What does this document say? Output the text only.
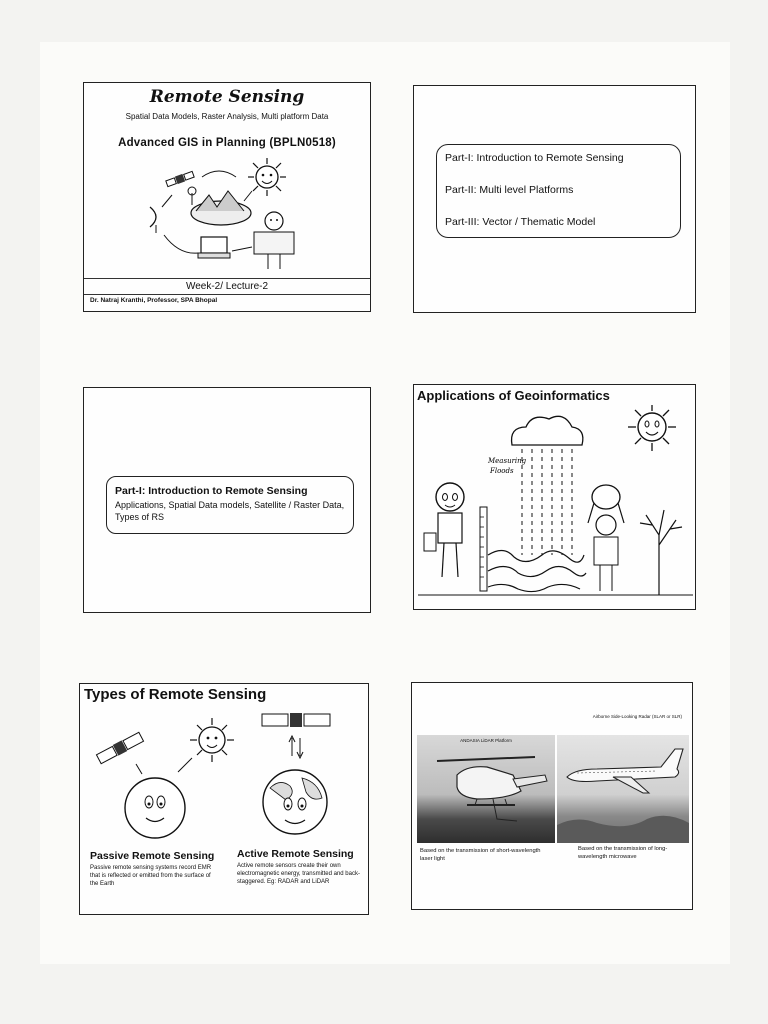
Remote Sensing
Spatial Data Models, Raster Analysis, Multi platform Data
Advanced GIS in Planning (BPLN0518)
Week-2/ Lecture-2
Dr. Natraj Kranthi, Professor, SPA Bhopal
Part-I: Introduction to Remote Sensing
Part-II: Multi level Platforms
Part-III: Vector / Thematic Model
Part-I: Introduction to Remote Sensing
Applications, Spatial Data models, Satellite / Raster Data, Types of RS
Applications of Geoinformatics
Measuring
Floods
Types of Remote Sensing
Passive Remote Sensing
Passive remote sensing systems record EMR that is reflected or emitted from the surface of the Earth
Active Remote Sensing
Active remote sensors create their own electromagnetic energy, transmitted and back-staggered. Eg: RADAR and LiDAR
Airborne Side-Looking Radar (SLAR or SLR)
ANDASIA LiDAR Platform
Based on the transmission of short-wavelength laser light
Based on the transmission of long-wavelength microwave
